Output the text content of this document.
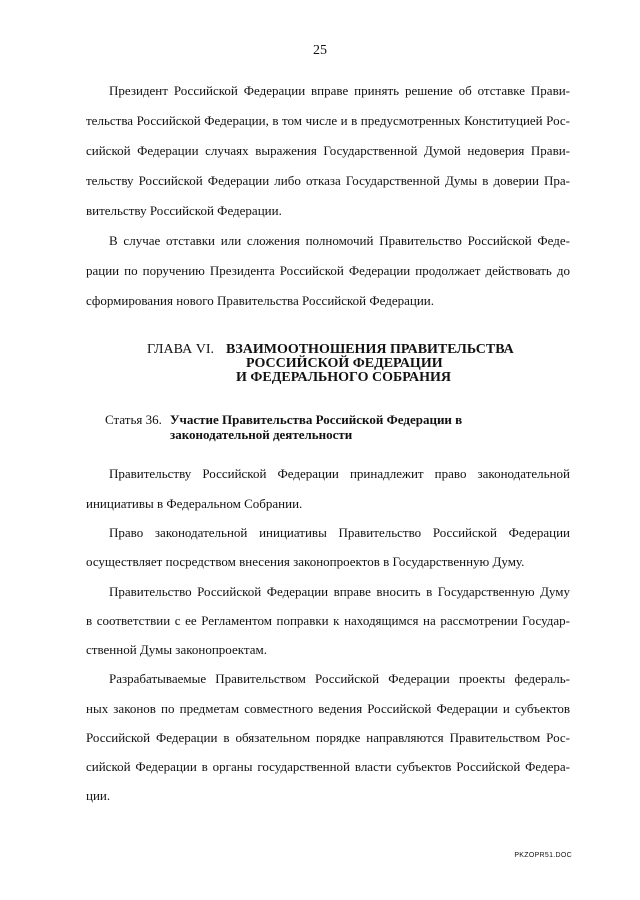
25
Президент Российской Федерации вправе принять решение об отставке Прави-
тельства Российской Федерации, в том числе и в предусмотренных Конституцией Рос-
сийской Федерации случаях выражения Государственной Думой недоверия Прави-
тельству Российской Федерации либо отказа Государственной Думы в доверии Пра-
вительству Российской Федерации.
В случае отставки или сложения полномочий Правительство Российской Феде-
рации по поручению Президента Российской Федерации продолжает действовать до
сформирования нового Правительства Российской Федерации.
ГЛАВА VI. ВЗАИМООТНОШЕНИЯ ПРАВИТЕЛЬСТВА
РОССИЙСКОЙ ФЕДЕРАЦИИ
И ФЕДЕРАЛЬНОГО СОБРАНИЯ
Статья 36. Участие Правительства Российской Федерации в
законодательной деятельности
Правительству Российской Федерации принадлежит право законодательной
инициативы в Федеральном Собрании.
Право законодательной инициативы Правительство Российской Федерации
осуществляет посредством внесения законопроектов в Государственную Думу.
Правительство Российской Федерации вправе вносить в Государственную Думу
в соответствии с ее Регламентом поправки к находящимся на рассмотрении Государ-
ственной Думы законопроектам.
Разрабатываемые Правительством Российской Федерации проекты федераль-
ных законов по предметам совместного ведения Российской Федерации и субъектов
Российской Федерации в обязательном порядке направляются Правительством Рос-
сийской Федерации в органы государственной власти субъектов Российской Федера-
ции.
PKZOPR51.DOC
